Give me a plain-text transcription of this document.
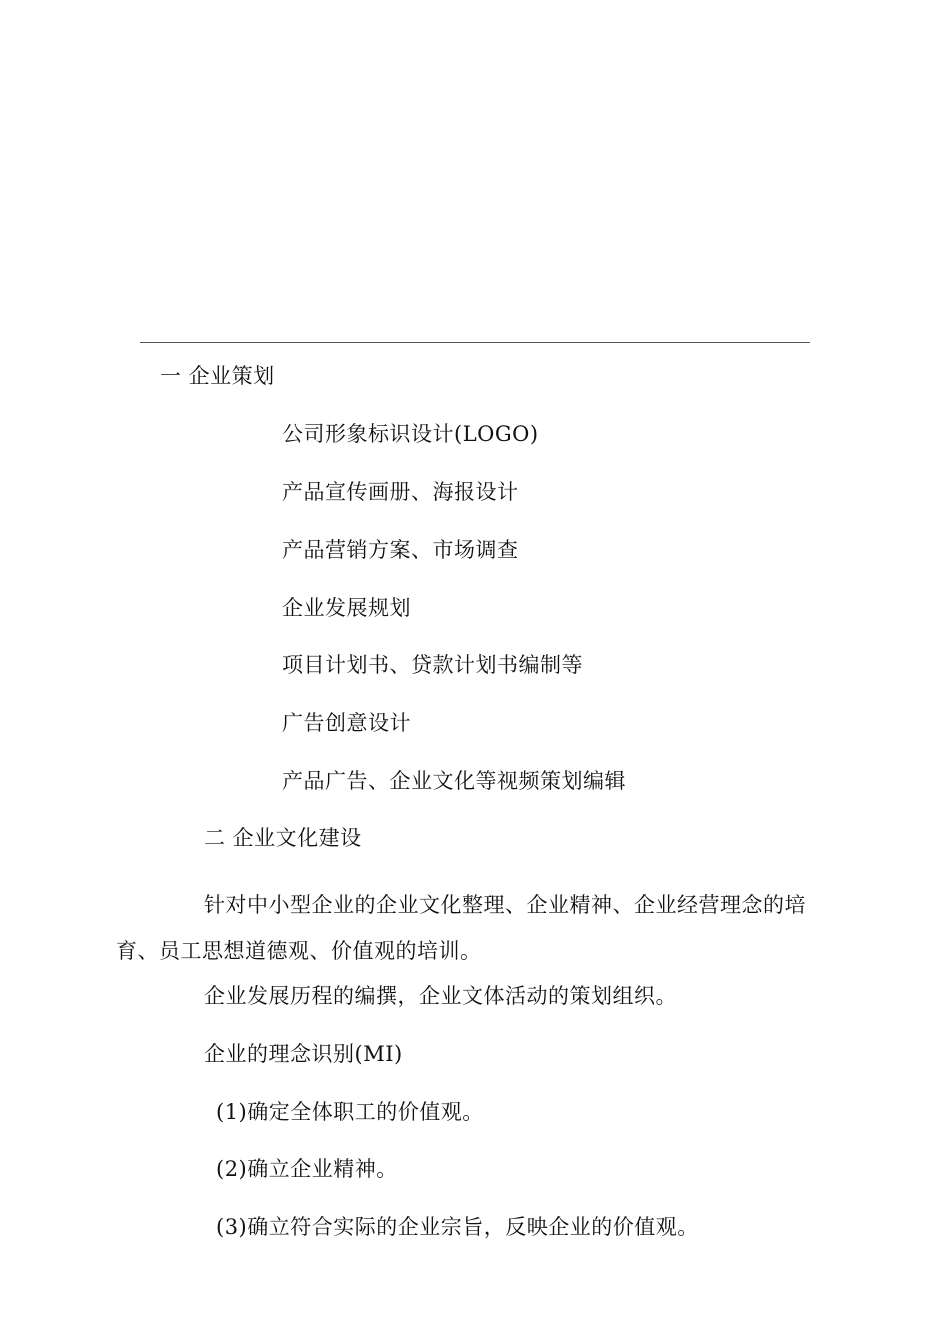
一 企业策划
公司形象标识设计(LOGO)
产品宣传画册、海报设计
产品营销方案、市场调查
企业发展规划
项目计划书、贷款计划书编制等
广告创意设计
产品广告、企业文化等视频策划编辑
二 企业文化建设
针对中小型企业的企业文化整理、企业精神、企业经营理念的培育、员工思想道德观、价值观的培训。
企业发展历程的编撰，企业文体活动的策划组织。
企业的理念识别(MI)
(1)确定全体职工的价值观。
(2)确立企业精神。
(3)确立符合实际的企业宗旨，反映企业的价值观。
